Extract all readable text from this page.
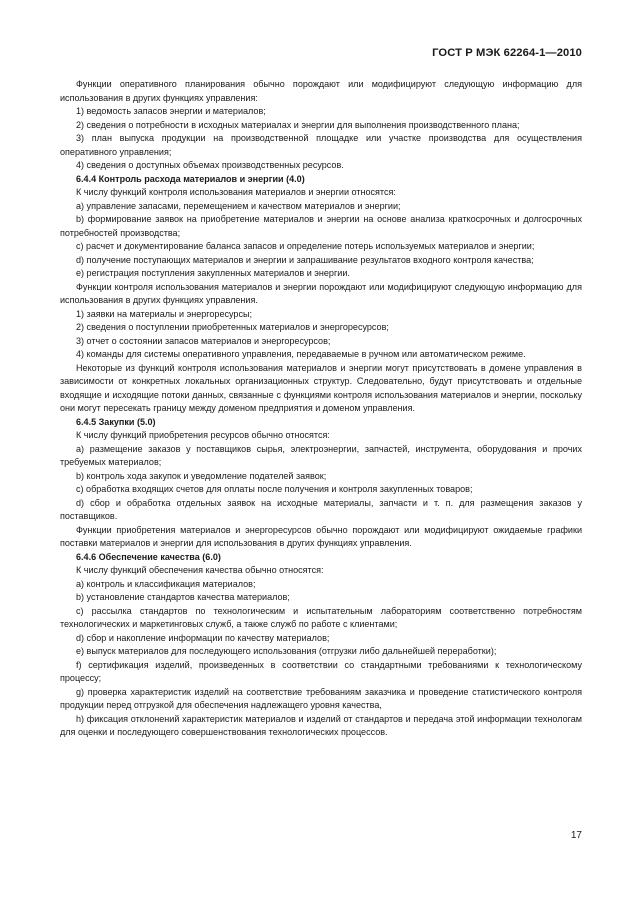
ГОСТ Р МЭК 62264-1—2010

Функции оперативного планирования обычно порождают или модифицируют следующую информацию для использования в других функциях управления:

1) ведомость запасов энергии и материалов;

2) сведения о потребности в исходных материалах и энергии для выполнения производственного плана;

3) план выпуска продукции на производственной площадке или участке производства для осуществления оперативного управления;

4) сведения о доступных объемах производственных ресурсов.

6.4.4 Контроль расхода материалов и энергии (4.0)

К числу функций контроля использования материалов и энергии относятся:

a) управление запасами, перемещением и качеством материалов и энергии;

b) формирование заявок на приобретение материалов и энергии на основе анализа краткосрочных и долгосрочных потребностей производства;

c) расчет и документирование баланса запасов и определение потерь используемых материалов и энергии;

d) получение поступающих материалов и энергии и запрашивание результатов входного контроля качества;

e) регистрация поступления закупленных материалов и энергии.

Функции контроля использования материалов и энергии порождают или модифицируют следующую информацию для использования в других функциях управления.

1) заявки на материалы и энергоресурсы;

2) сведения о поступлении приобретенных материалов и энергоресурсов;

3) отчет о состоянии запасов материалов и энергоресурсов;

4) команды для системы оперативного управления, передаваемые в ручном или автоматическом режиме.

Некоторые из функций контроля использования материалов и энергии могут присутствовать в домене управления в зависимости от конкретных локальных организационных структур. Следовательно, будут присутствовать и отдельные входящие и исходящие потоки данных, связанные с функциями контроля использования материалов и энергии, поскольку они могут пересекать границу между доменом предприятия и доменом управления.

6.4.5 Закупки (5.0)

К числу функций приобретения ресурсов обычно относятся:

a) размещение заказов у поставщиков сырья, электроэнергии, запчастей, инструмента, оборудования и прочих требуемых материалов;

b) контроль хода закупок и уведомление подателей заявок;

c) обработка входящих счетов для оплаты после получения и контроля закупленных товаров;

d) сбор и обработка отдельных заявок на исходные материалы, запчасти и т. п. для размещения заказов у поставщиков.

Функции приобретения материалов и энергоресурсов обычно порождают или модифицируют ожидаемые графики поставки материалов и энергии для использования в других функциях управления.

6.4.6 Обеспечение качества (6.0)

К числу функций обеспечения качества обычно относятся:

a) контроль и классификация материалов;

b) установление стандартов качества материалов;

c) рассылка стандартов по технологическим и испытательным лабораториям соответственно потребностям технологических и маркетинговых служб, а также служб по работе с клиентами;

d) сбор и накопление информации по качеству материалов;

e) выпуск материалов для последующего использования (отгрузки либо дальнейшей переработки);

f) сертификация изделий, произведенных в соответствии со стандартными требованиями к технологическому процессу;

g) проверка характеристик изделий на соответствие требованиям заказчика и проведение статистического контроля продукции перед отгрузкой для обеспечения надлежащего уровня качества,

h) фиксация отклонений характеристик материалов и изделий от стандартов и передача этой информации технологам для оценки и последующего совершенствования технологических процессов.

17
